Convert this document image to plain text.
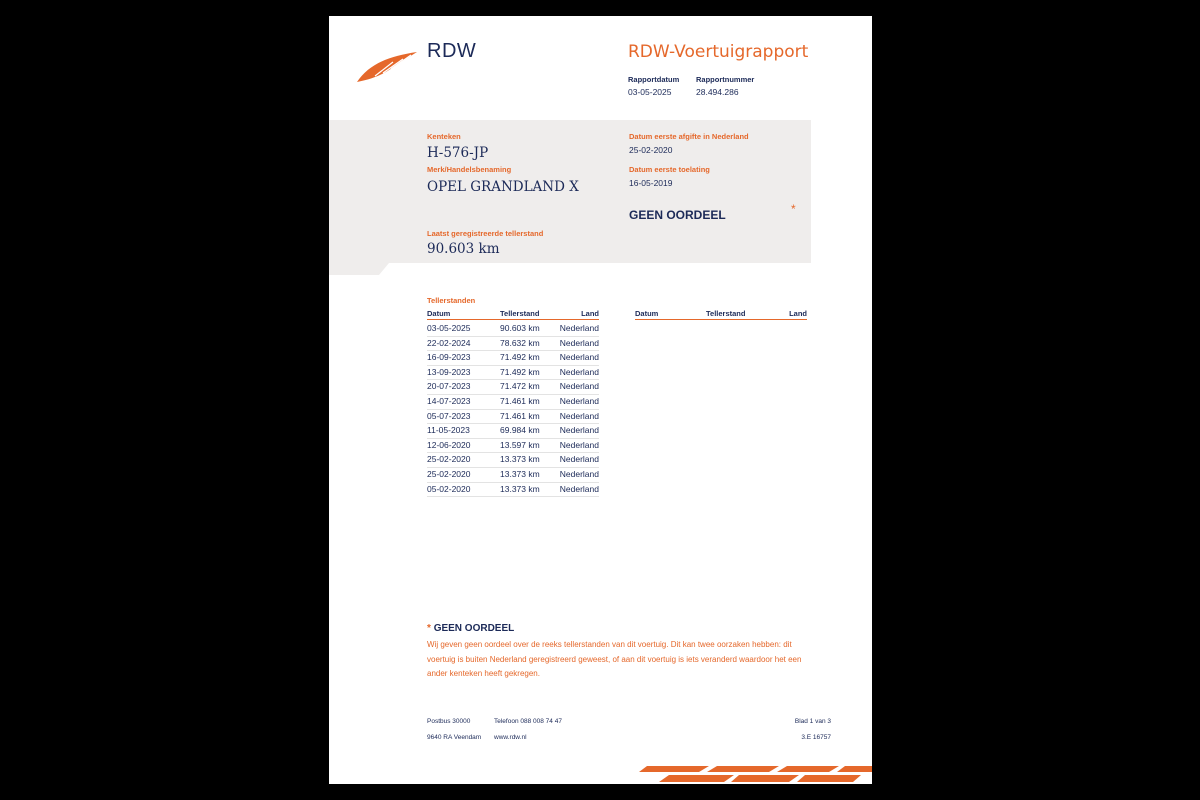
RDW	RDW-Voertuigrapport
Rapportdatum
03-05-2025
Rapportnummer
28.494.286
Kenteken
H-576-JP
Merk/Handelsbenaming
OPEL GRANDLAND X
Laatst geregistreerde tellerstand
90.603 km
Datum eerste afgifte in Nederland
25-02-2020
Datum eerste toelating
16-05-2019
GEEN OORDEEL	*
Tellerstanden
Datum	Tellerstand	Land	Datum	Tellerstand	Land
03-05-2025	90.603 km Nederland
22-02-2024	78.632 km Nederland
16-09-2023	71.492 km Nederland
13-09-2023	71.492 km Nederland
20-07-2023	71.472 km Nederland
14-07-2023	71.461 km Nederland
05-07-2023	71.461 km Nederland
11-05-2023	69.984 km Nederland
12-06-2020	13.597 km Nederland
25-02-2020	13.373 km Nederland
25-02-2020	13.373 km Nederland
05-02-2020	13.373 km Nederland
* GEEN OORDEEL
Wij geven geen oordeel over de reeks tellerstanden van dit voertuig. Dit kan twee oorzaken hebben: dit voertuig is buiten Nederland geregistreerd geweest, of aan dit voertuig is iets veranderd waardoor het een ander kenteken heeft gekregen.
Postbus 30000	Telefoon 088 008 74 47	Blad 1 van 3
9640 RA Veendam www.rdw.nl	3.E 16757
